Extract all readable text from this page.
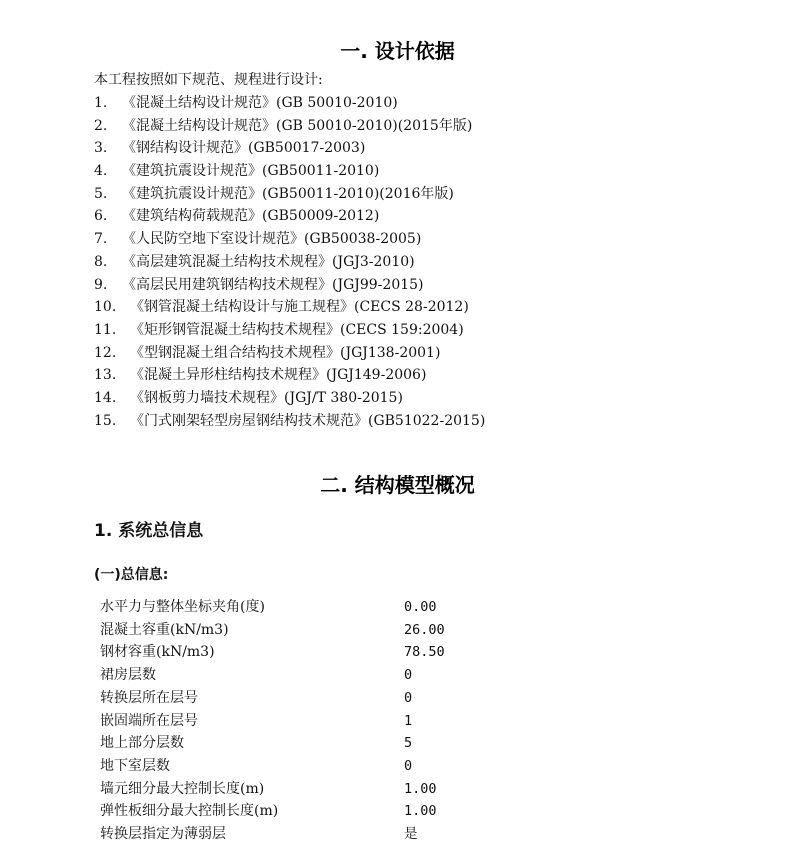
一. 设计依据
本工程按照如下规范、规程进行设计:
1. 《混凝土结构设计规范》(GB 50010-2010)
2. 《混凝土结构设计规范》(GB 50010-2010)(2015年版)
3. 《钢结构设计规范》(GB50017-2003)
4. 《建筑抗震设计规范》(GB50011-2010)
5. 《建筑抗震设计规范》(GB50011-2010)(2016年版)
6. 《建筑结构荷载规范》(GB50009-2012)
7. 《人民防空地下室设计规范》(GB50038-2005)
8. 《高层建筑混凝土结构技术规程》(JGJ3-2010)
9. 《高层民用建筑钢结构技术规程》(JGJ99-2015)
10. 《钢管混凝土结构设计与施工规程》(CECS 28-2012)
11. 《矩形钢管混凝土结构技术规程》(CECS 159:2004)
12. 《型钢混凝土组合结构技术规程》(JGJ138-2001)
13. 《混凝土异形柱结构技术规程》(JGJ149-2006)
14. 《钢板剪力墙技术规程》(JGJ/T 380-2015)
15. 《门式刚架轻型房屋钢结构技术规范》(GB51022-2015)
二. 结构模型概况
1. 系统总信息
(一)总信息:
水平力与整体坐标夹角(度)	0.00
混凝土容重(kN/m3)	26.00
钢材容重(kN/m3)	78.50
裙房层数	0
转换层所在层号	0
嵌固端所在层号	1
地上部分层数	5
地下室层数	0
墙元细分最大控制长度(m)	1.00
弹性板细分最大控制长度(m)	1.00
转换层指定为薄弱层	是
